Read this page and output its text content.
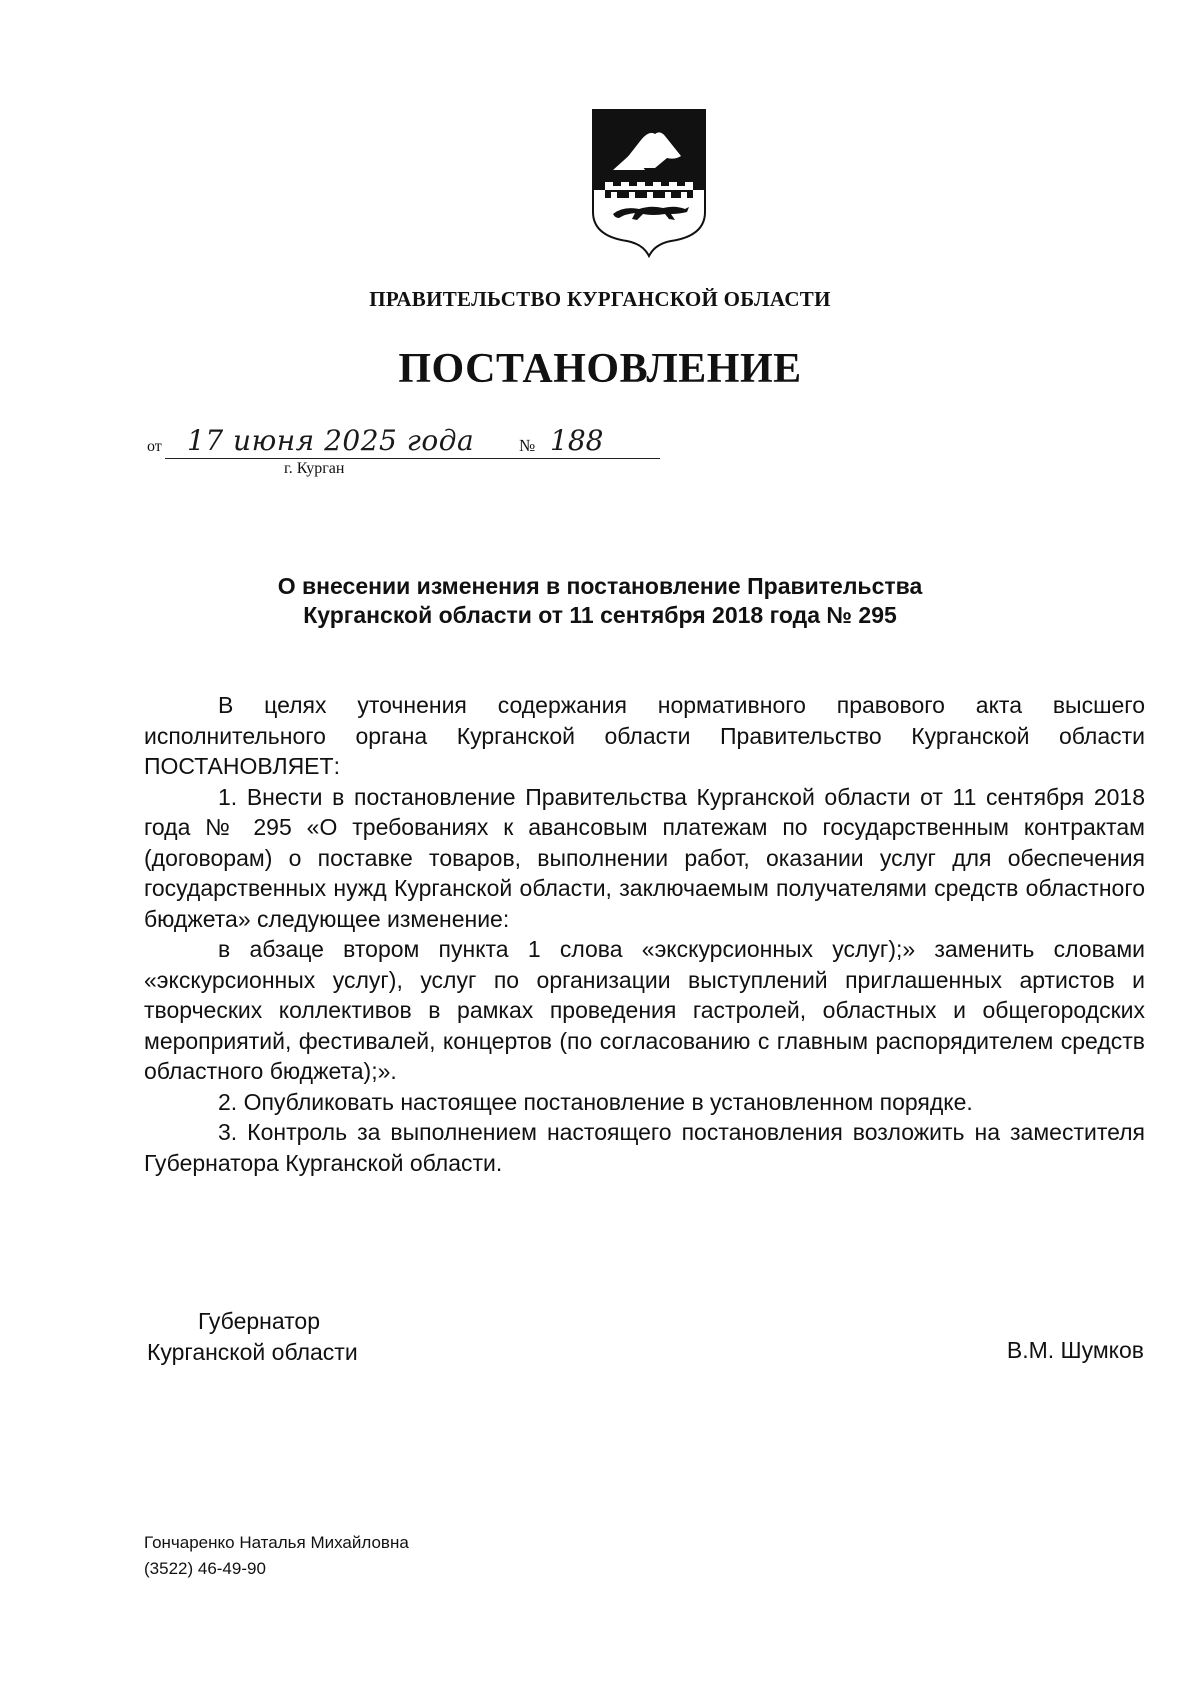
ПРАВИТЕЛЬСТВО КУРГАНСКОЙ ОБЛАСТИ
ПОСТАНОВЛЕНИЕ
от 17 июня 2025 года	№ 188
г. Курган
О внесении изменения в постановление Правительства
Курганской области от 11 сентября 2018 года № 295

В целях уточнения содержания нормативного правового акта высшего исполнительного органа Курганской области Правительство Курганской области ПОСТАНОВЛЯЕТ:

1. Внести в постановление Правительства Курганской области от 11 сентября 2018 года № 295 «О требованиях к авансовым платежам по государственным контрактам (договорам) о поставке товаров, выполнении работ, оказании услуг для обеспечения государственных нужд Курганской области, заключаемым получателями средств областного бюджета» следующее изменение:

в абзаце втором пункта 1 слова «экскурсионных услуг);» заменить словами «экскурсионных услуг), услуг по организации выступлений приглашенных артистов и творческих коллективов в рамках проведения гастролей, областных и общегородских мероприятий, фестивалей, концертов (по согласованию с главным распорядителем средств областного бюджета);».

2. Опубликовать настоящее постановление в установленном порядке.

3. Контроль за выполнением настоящего постановления возложить на заместителя Губернатора Курганской области.

Губернатор
Курганской области	В.М. Шумков
Гончаренко Наталья Михайловна
(3522) 46-49-90
